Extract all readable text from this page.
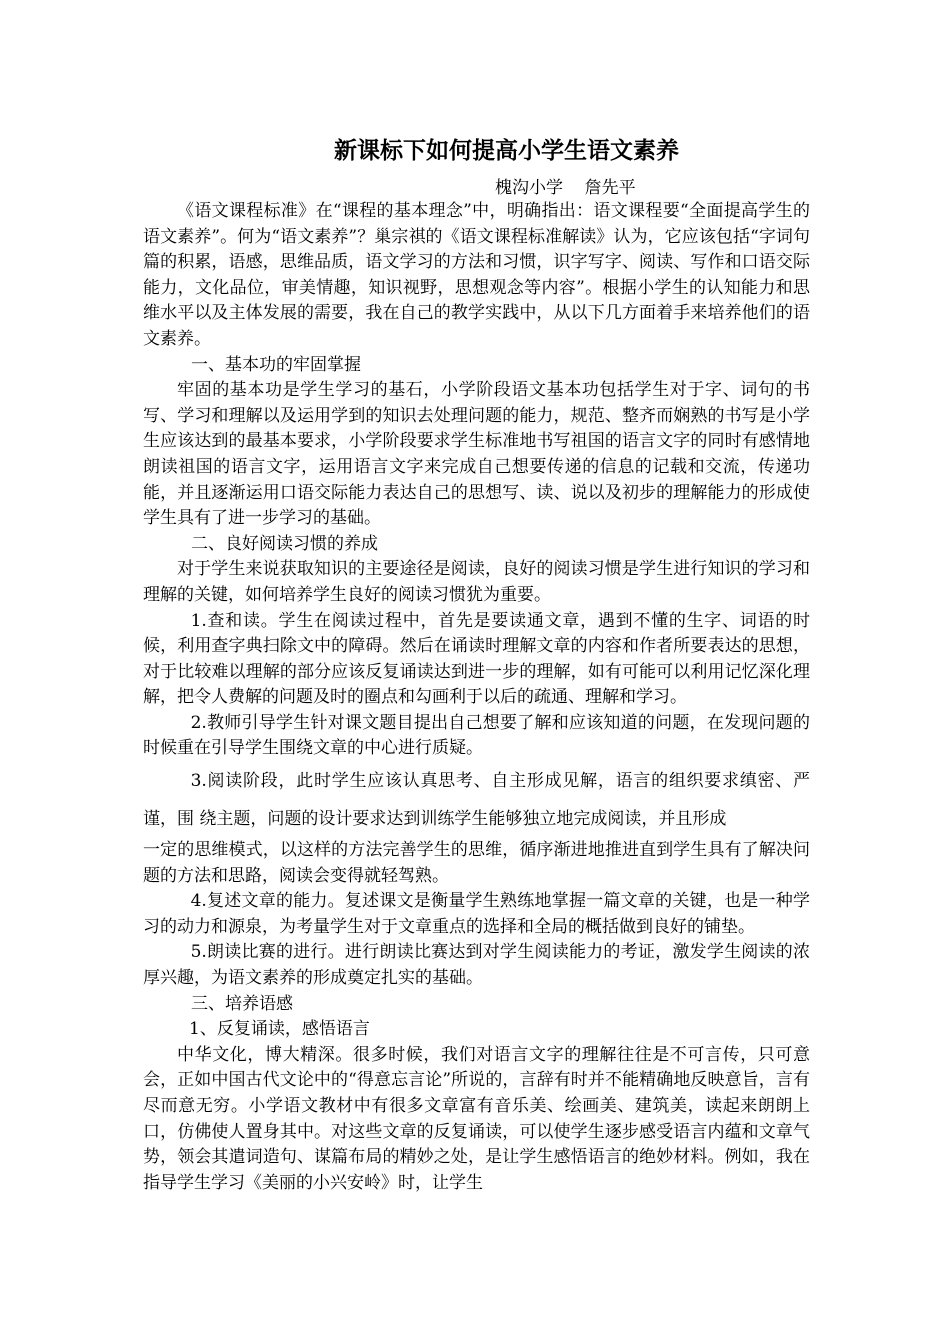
新课标下如何提高小学生语文素养

槐沟小学    詹先平

《语文课程标准》在“课程的基本理念”中，明确指出：语文课程要“全面提高学生的语文素养”。何为“语文素养”？巢宗祺的《语文课程标准解读》认为，它应该包括“字词句篇的积累，语感，思维品质，语文学习的方法和习惯，识字写字、阅读、写作和口语交际能力，文化品位，审美情趣，知识视野，思想观念等内容”。根据小学生的认知能力和思维水平以及主体发展的需要，我在自己的教学实践中，从以下几方面着手来培养他们的语文素养。

一、基本功的牢固掌握

牢固的基本功是学生学习的基石，小学阶段语文基本功包括学生对于字、词句的书写、学习和理解以及运用学到的知识去处理问题的能力，规范、整齐而娴熟的书写是小学生应该达到的最基本要求，小学阶段要求学生标准地书写祖国的语言文字的同时有感情地朗读祖国的语言文字，运用语言文字来完成自己想要传递的信息的记载和交流，传递功能，并且逐渐运用口语交际能力表达自己的思想写、读、说以及初步的理解能力的形成使学生具有了进一步学习的基础。

二、良好阅读习惯的养成

对于学生来说获取知识的主要途径是阅读，良好的阅读习惯是学生进行知识的学习和理解的关键，如何培养学生良好的阅读习惯犹为重要。

1.查和读。学生在阅读过程中，首先是要读通文章，遇到不懂的生字、词语的时候，利用查字典扫除文中的障碍。然后在诵读时理解文章的内容和作者所要表达的思想，对于比较难以理解的部分应该反复诵读达到进一步的理解，如有可能可以利用记忆深化理解，把令人费解的问题及时的圈点和勾画利于以后的疏通、理解和学习。

2.教师引导学生针对课文题目提出自己想要了解和应该知道的问题，在发现问题的时候重在引导学生围绕文章的中心进行质疑。

3.阅读阶段，此时学生应该认真思考、自主形成见解，语言的组织要求缜密、严谨，围 绕主题，问题的设计要求达到训练学生能够独立地完成阅读，并且形成

一定的思维模式，以这样的方法完善学生的思维，循序渐进地推进直到学生具有了解决问题的方法和思路，阅读会变得就轻驾熟。

4.复述文章的能力。复述课文是衡量学生熟练地掌握一篇文章的关键，也是一种学习的动力和源泉，为考量学生对于文章重点的选择和全局的概括做到良好的铺垫。

5.朗读比赛的进行。进行朗读比赛达到对学生阅读能力的考证，激发学生阅读的浓厚兴趣，为语文素养的形成奠定扎实的基础。

三、培养语感

1、反复诵读，感悟语言

中华文化，博大精深。很多时候，我们对语言文字的理解往往是不可言传，只可意会，正如中国古代文论中的“得意忘言论”所说的，言辞有时并不能精确地反映意旨，言有尽而意无穷。小学语文教材中有很多文章富有音乐美、绘画美、建筑美，读起来朗朗上口，仿佛使人置身其中。对这些文章的反复诵读，可以使学生逐步感受语言内蕴和文章气势，领会其遣词造句、谋篇布局的精妙之处，是让学生感悟语言的绝妙材料。例如，我在指导学生学习《美丽的小兴安岭》时，让学生
